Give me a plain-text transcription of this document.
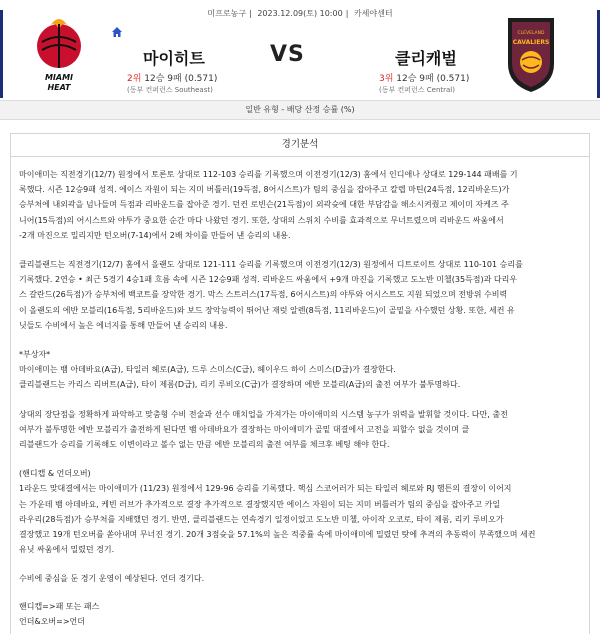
미프로농구 | 2023.12.09(토) 10:00 | 카세야센터
MIAMI
HEAT
마이히트	VS	클리캐벌
2위 12승 9패 (0.571)
(동부 컨퍼런스 Southeast)
3위 12승 9패 (0.571)
(동부 컨퍼런스 Central)
CLEVELAND
CAVALIERS
일반 유형 - 배당 산정 승률 (%)
경기분석
마이애미는 직전경기(12/7) 원정에서 토론토 상대로 112-103 승리를 기록했으며 이전경기(12/3) 홈에서 인디애나 상대로 129-144 패배를 기
록했다. 시즌 12승9패 성적. 에이스 자원이 되는 지미 버틀러(19득점, 8어시스트)가 팀의 중심을 잡아주고 칼렙 마틴(24득점, 12리바운드)가
승부처에 내외곽을 넘나들며 득점과 리바운드를 잡아준 경기. 던컨 로빈슨(21득점)이 외곽슛에 대한 부담감을 해소시켜줬고 제이미 자케즈 주
니어(15득점)의 어시스트와 야투가 중요한 순간 마다 나왔던 경기. 또한, 상대의 스위치 수비를 효과적으로 무너트렸으며 리바운드 싸움에서
-2개 마진으로 밀리지만 턴오버(7-14)에서 2배 차이를 만들어 낸 승리의 내용.
클리블랜드는 직전경기(12/7) 홈에서 올랜도 상대로 121-111 승리를 기록했으며 이전경기(12/3) 원정에서 디트로이트 상대로 110-101 승리를
기록했다. 2연승 • 최근 5경기 4승1패 흐름 속에 시즌 12승9패 성적. 리바운드 싸움에서 +9개 마진을 기록했고 도노반 미첼(35득점)과 다리우
스 갈란드(26득점)가 승부처에 백코트를 장악한 경기. 막스 스트러스(17득점, 6어시스트)의 야투와 어시스트도 지원 되었으며 전방위 수비력
이 올랜도의 에반 모블리(16득점, 5리바운드)와 보드 장악능력이 뛰어난 재럿 알렌(8득점, 11리바운드)이 골밑을 사수했던 상황. 또한, 세컨 유
닛들도 수비에서 높은 에너지를 통해 만들어 낸 승리의 내용.
*부상자*
마이애미는 뱀 아데바요(A급), 타일러 헤로(A급), 드루 스미스(C급), 헤이우드 하이 스미스(D급)가 결장한다.
클리블랜드는 카리스 리버트(A급), 타이 제롬(D급), 리키 루비오(C급)가 결장하며 에반 모블리(A급)의 출전 여부가 불투명하다.
상대의 장단점을 정확하게 파악하고 맞춤형 수비 전술과 선수 매치업을 가져가는 마이애미의 시스템 농구가 위력을 발휘할 것이다. 다만, 출전
여부가 불투명한 에반 모블리가 출전하게 된다면 뱀 아데바요가 결장하는 마이애미가 골밑 대결에서 고전을 피할수 없을 것이며 클
리블랜드가 승리를 기록해도 이변이라고 볼수 없는 만큼 에반 모블리의 출전 여부를 체크후 베팅 해야 한다.
(핸디캡 & 언더오버)
1라운드 맞대결에서는 마이애미가 (11/23) 원정에서 129-96 승리를 기록했다. 핵심 스코어러가 되는 타일러 헤로와 RJ 햄튼의 결장이 이어지
는 가운데 뱀 아데바요, 케빈 러브가 추가적으로 결장 추가적으로 결장했지만 에이스 자원이 되는 지미 버틀러가 팀의 중심을 잡아주고 카일
라우리(28득점)가 승부처를 지배했던 경기. 반면, 클리블랜드는 연속경기 일정이었고 도노반 미첼, 아이작 오코로, 타이 제롬, 리키 루비오가
결장했고 19개 턴오버를 쏟아내며 무너진 경기. 20개 3점슛을 57.1%의 높은 적중률 속에 마이애미에 밀렸던 탓에 추격의 추동력이 부족했으며 세컨
유닛 싸움에서 밀렸던 경기.
수비에 중심을 둔 경기 운영이 예상된다. 언더 경기다.
핸디캡=>패 또는 패스
언더&오버=>언더
